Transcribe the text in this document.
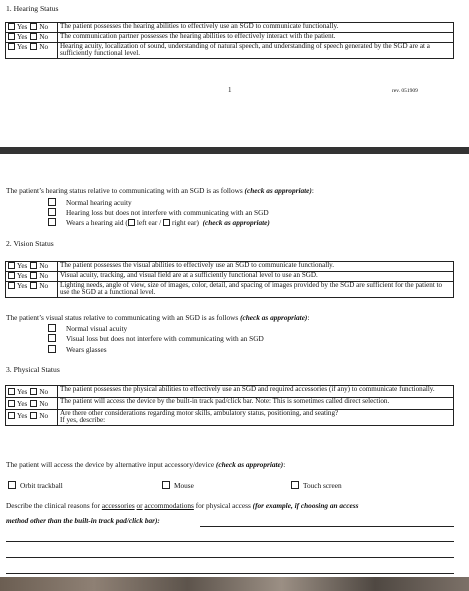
1. Hearing Status
Yes No	The patient possesses the hearing abilities to effectively use an SGD to communicate functionally.
Yes No	The communication partner possesses the hearing abilities to effectively interact with the patient.
Yes No	Hearing acuity, localization of sound, understanding of natural speech, and understanding of speech generated by the SGD are at a sufficiently functional level.
1	rev. 051909
The patient’s hearing status relative to communicating with an SGD is as follows (check as appropriate):
Normal hearing acuity
Hearing loss but does not interfere with communicating with an SGD
Wears a hearing aid ( left ear / right ear) (check as appropriate)
2. Vision Status
Yes No	The patient possesses the visual abilities to effectively use an SGD to communicate functionally.
Yes No	Visual acuity, tracking, and visual field are at a sufficiently functional level to use an SGD.
Yes No	Lighting needs, angle of view, size of images, color, detail, and spacing of images provided by the SGD are sufficient for the patient to use the SGD at a functional level.
The patient’s visual status relative to communicating with an SGD is as follows (check as appropriate):
Normal visual acuity
Visual loss but does not interfere with communicating with an SGD
Wears glasses
3. Physical Status
Yes No	The patient possesses the physical abilities to effectively use an SGD and required accessories (if any) to communicate functionally.
Yes No	The patient will access the device by the built-in track pad/click bar. Note: This is sometimes called direct selection.
Yes No	Are there other considerations regarding motor skills, ambulatory status, positioning, and seating?
If yes, describe:
The patient will access the device by alternative input accessory/device (check as appropriate):
Orbit trackball	Mouse	Touch screen
Describe the clinical reasons for accessories or accommodations for physical access (for example, if choosing an access
method other than the built-in track pad/click bar):
